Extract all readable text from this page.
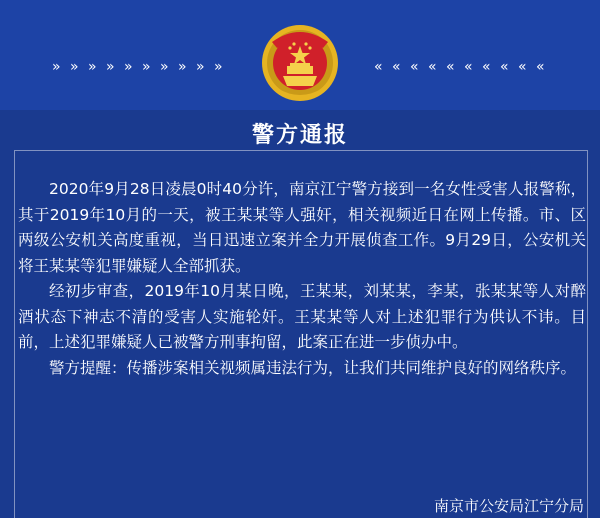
» » » » » » » » » »	« « « « « « « « « «
警方通报

2020年9月28日凌晨0时40分许，南京江宁警方接到一名女性受害人报警称，其于2019年10月的一天，被王某某等人强奸，相关视频近日在网上传播。市、区两级公安机关高度重视，当日迅速立案并全力开展侦查工作。9月29日，公安机关将王某某等犯罪嫌疑人全部抓获。

经初步审查，2019年10月某日晚，王某某，刘某某，李某，张某某等人对醉酒状态下神志不清的受害人实施轮奸。王某某等人对上述犯罪行为供认不讳。目前，上述犯罪嫌疑人已被警方刑事拘留，此案正在进一步侦办中。

警方提醒：传播涉案相关视频属违法行为，让我们共同维护良好的网络秩序。

南京市公安局江宁分局
